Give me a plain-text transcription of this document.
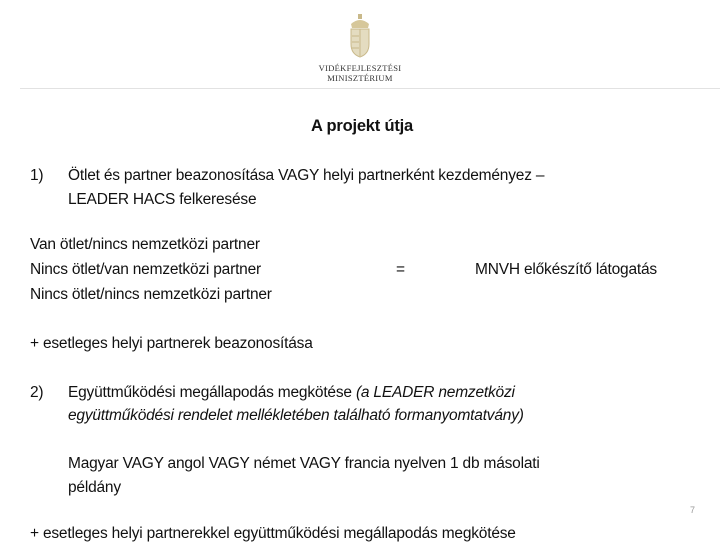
VIDÉKFEJLESZTÉSI
MINISZTÉRIUM
A projekt útja
1) Ötlet és partner beazonosítása VAGY helyi partnerként kezdeményez –
LEADER HACS felkeresése
Van ötlet/nincs nemzetközi partner
Nincs ötlet/van nemzetközi partner
Nincs ötlet/nincs nemzetközi partner
=	MNVH előkészítő látogatás
+ esetleges helyi partnerek beazonosítása
2) Együttműködési megállapodás megkötése (a LEADER nemzetközi
együttműködési rendelet mellékletében található formanyomtatvány)
Magyar VAGY angol VAGY német VAGY francia nyelven 1 db másolati
példány
7
+ esetleges helyi partnerekkel együttműködési megállapodás megkötése
